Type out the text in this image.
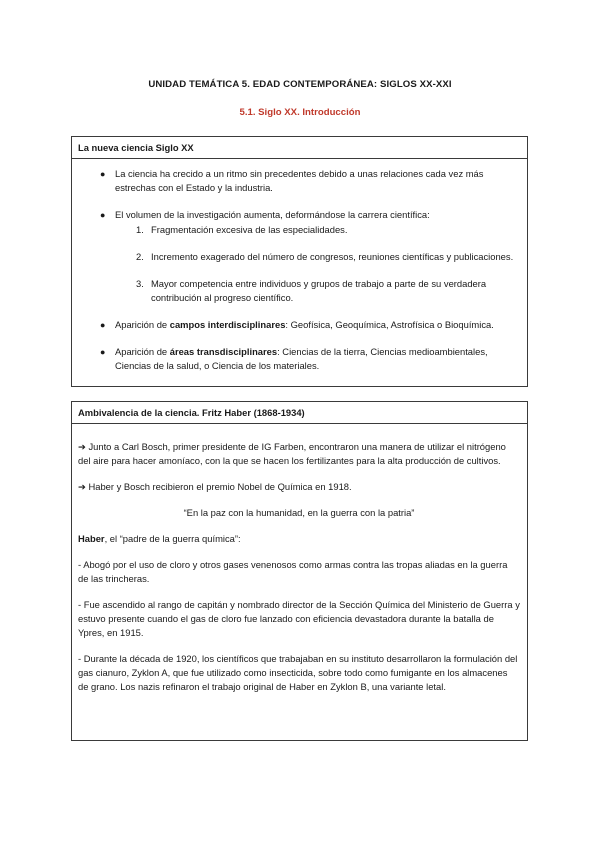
UNIDAD TEMÁTICA 5. EDAD CONTEMPORÁNEA: SIGLOS XX-XXI
5.1. Siglo XX. Introducción
La nueva ciencia Siglo XX
● La ciencia ha crecido a un ritmo sin precedentes debido a unas relaciones cada vez más estrechas con el Estado y la industria.
● El volumen de la investigación aumenta, deformándose la carrera científica:
1. Fragmentación excesiva de las especialidades.
2. Incremento exagerado del número de congresos, reuniones científicas y publicaciones.
3. Mayor competencia entre individuos y grupos de trabajo a parte de su verdadera contribución al progreso científico.
● Aparición de campos interdisciplinares: Geofísica, Geoquímica, Astrofísica o Bioquímica.
● Aparición de áreas transdisciplinares: Ciencias de la tierra, Ciencias medioambientales, Ciencias de la salud, o Ciencia de los materiales.
Ambivalencia de la ciencia. Fritz Haber (1868-1934)

➔ Junto a Carl Bosch, primer presidente de IG Farben, encontraron una manera de utilizar el nitrógeno del aire para hacer amoníaco, con la que se hacen los fertilizantes para la alta producción de cultivos.

➔ Haber y Bosch recibieron el premio Nobel de Química en 1918.

“En la paz con la humanidad, en la guerra con la patria”

Haber, el “padre de la guerra química”:

- Abogó por el uso de cloro y otros gases venenosos como armas contra las tropas aliadas en la guerra de las trincheras.

- Fue ascendido al rango de capitán y nombrado director de la Sección Química del Ministerio de Guerra y estuvo presente cuando el gas de cloro fue lanzado con eficiencia devastadora durante la batalla de Ypres, en 1915.

- Durante la década de 1920, los científicos que trabajaban en su instituto desarrollaron la formulación del gas cianuro, Zyklon A, que fue utilizado como insecticida, sobre todo como fumigante en los almacenes de grano. Los nazis refinaron el trabajo original de Haber en Zyklon B, una variante letal.
